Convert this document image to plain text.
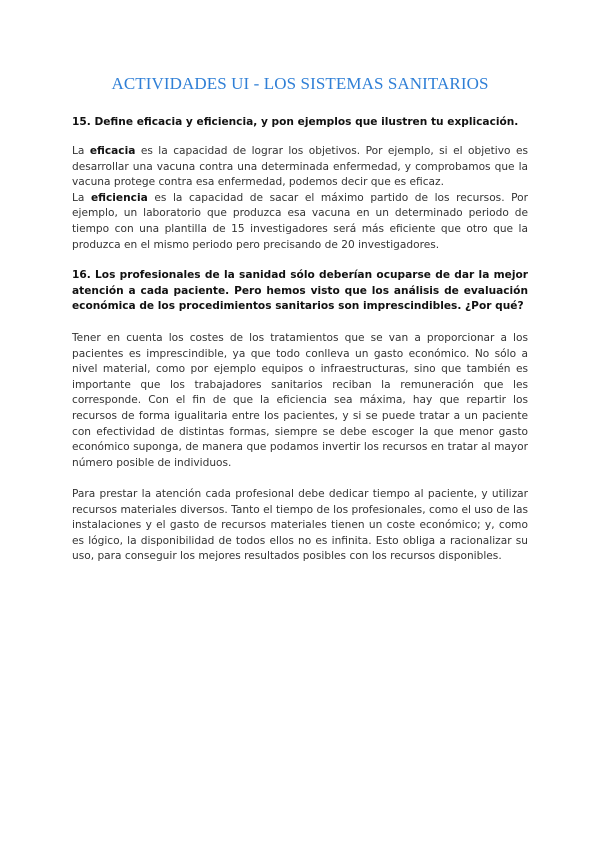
ACTIVIDADES UI - LOS SISTEMAS SANITARIOS
15. Define eficacia y eficiencia, y pon ejemplos que ilustren tu explicación.
La eficacia es la capacidad de lograr los objetivos. Por ejemplo, si el objetivo es desarrollar una vacuna contra una determinada enfermedad, y comprobamos que la vacuna protege contra esa enfermedad, podemos decir que es eficaz.
La eficiencia es la capacidad de sacar el máximo partido de los recursos. Por ejemplo, un laboratorio que produzca esa vacuna en un determinado periodo de tiempo con una plantilla de 15 investigadores será más eficiente que otro que la produzca en el mismo periodo pero precisando de 20 investigadores.
16. Los profesionales de la sanidad sólo deberían ocuparse de dar la mejor atención a cada paciente. Pero hemos visto que los análisis de evaluación económica de los procedimientos sanitarios son imprescindibles. ¿Por qué?
Tener en cuenta los costes de los tratamientos que se van a proporcionar a los pacientes es imprescindible, ya que todo conlleva un gasto económico. No sólo a nivel material, como por ejemplo equipos o infraestructuras, sino que también es importante que los trabajadores sanitarios reciban la remuneración que les corresponde. Con el fin de que la eficiencia sea máxima, hay que repartir los recursos de forma igualitaria entre los pacientes, y si se puede tratar a un paciente con efectividad de distintas formas, siempre se debe escoger la que menor gasto económico suponga, de manera que podamos invertir los recursos en tratar al mayor número posible de individuos.
Para prestar la atención cada profesional debe dedicar tiempo al paciente, y utilizar recursos materiales diversos. Tanto el tiempo de los profesionales, como el uso de las instalaciones y el gasto de recursos materiales tienen un coste económico; y, como es lógico, la disponibilidad de todos ellos no es infinita. Esto obliga a racionalizar su uso, para conseguir los mejores resultados posibles con los recursos disponibles.
